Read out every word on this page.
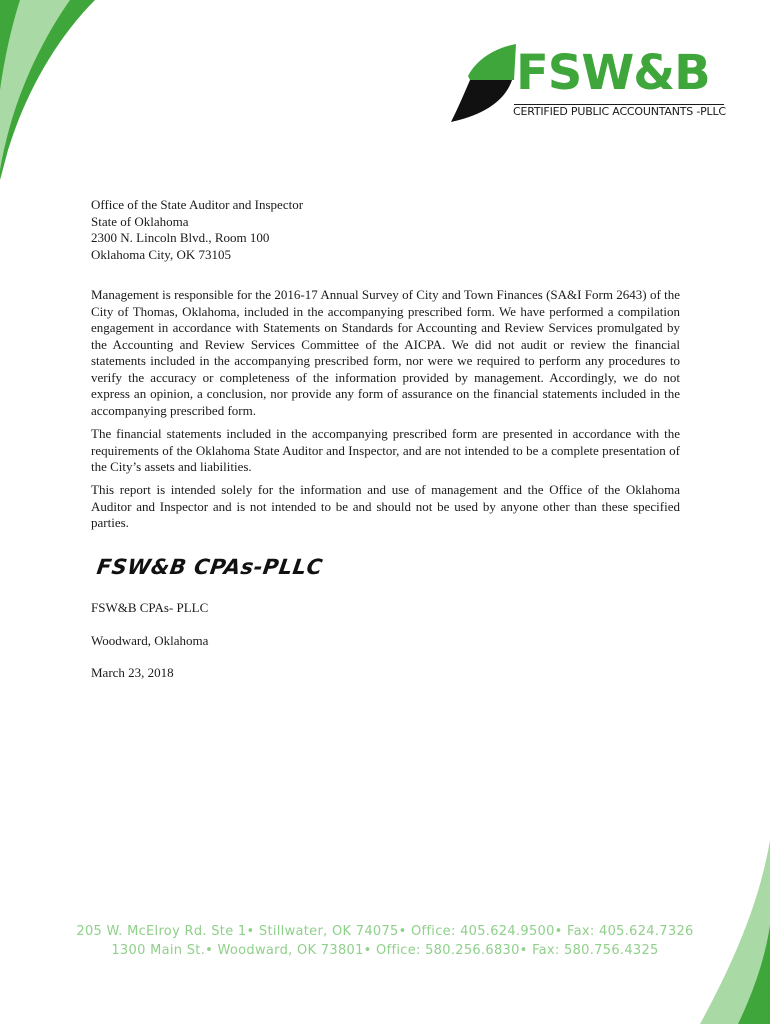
FSW&B
CERTIFIED PUBLIC ACCOUNTANTS -PLLC
Office of the State Auditor and Inspector
State of Oklahoma
2300 N. Lincoln Blvd., Room 100
Oklahoma City, OK 73105

Management is responsible for the 2016-17 Annual Survey of City and Town Finances (SA&I Form 2643) of the City of Thomas, Oklahoma, included in the accompanying prescribed form. We have performed a compilation engagement in accordance with Statements on Standards for Accounting and Review Services promulgated by the Accounting and Review Services Committee of the AICPA. We did not audit or review the financial statements included in the accompanying prescribed form, nor were we required to perform any procedures to verify the accuracy or completeness of the information provided by management. Accordingly, we do not express an opinion, a conclusion, nor provide any form of assurance on the financial statements included in the accompanying prescribed form.

The financial statements included in the accompanying prescribed form are presented in accordance with the requirements of the Oklahoma State Auditor and Inspector, and are not intended to be a complete presentation of the City’s assets and liabilities.

This report is intended solely for the information and use of management and the Office of the Oklahoma Auditor and Inspector and is not intended to be and should not be used by anyone other than these specified parties.

FSW&B CPAs-PLLC
FSW&B CPAs- PLLC
Woodward, Oklahoma
March 23, 2018
205 W. McElroy Rd. Ste 1• Stillwater, OK 74075• Office: 405.624.9500• Fax: 405.624.7326
1300 Main St.• Woodward, OK 73801• Office: 580.256.6830• Fax: 580.756.4325
